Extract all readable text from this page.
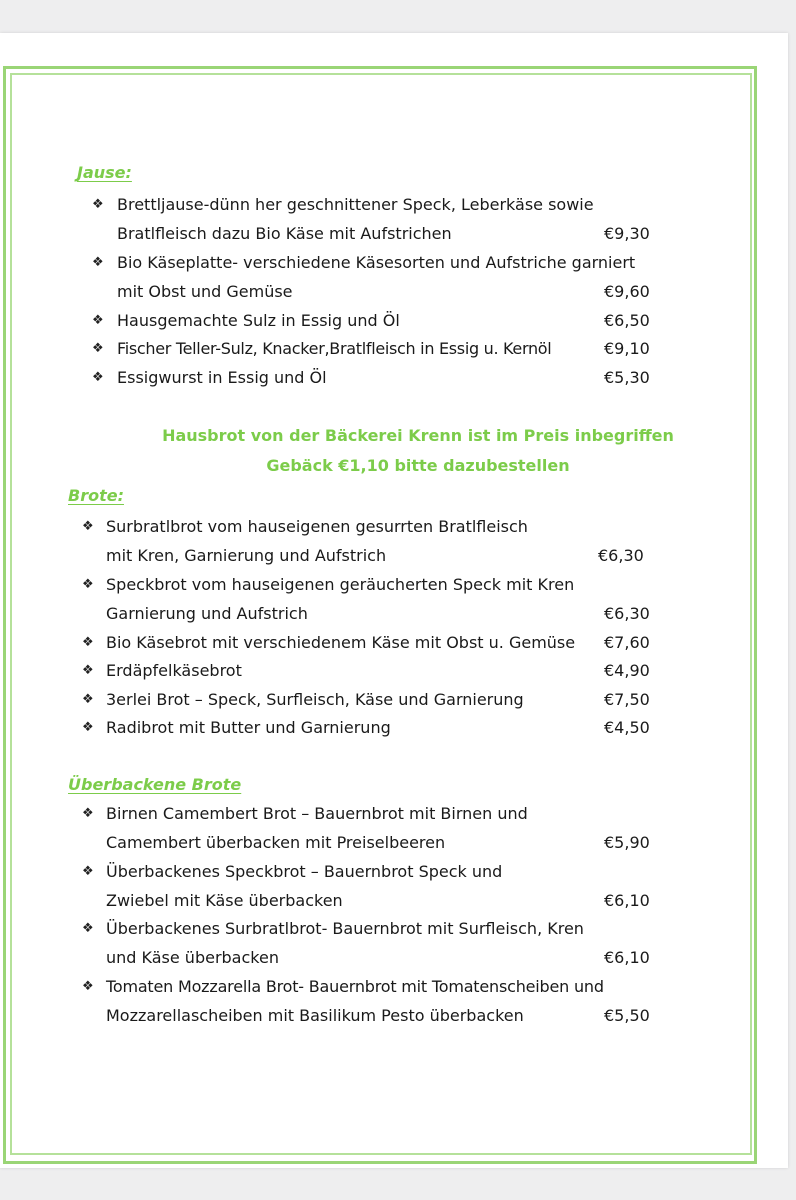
Jause:
❖ Brettljause-dünn her geschnittener Speck, Leberkäse sowie
Bratlfleisch dazu Bio Käse mit Aufstrichen	€9,30
❖ Bio Käseplatte- verschiedene Käsesorten und Aufstriche garniert
mit Obst und Gemüse	€9,60
❖ Hausgemachte Sulz in Essig und Öl	€6,50
❖ Fischer Teller-Sulz, Knacker,Bratlfleisch in Essig u. Kernöl	€9,10
❖ Essigwurst in Essig und Öl	€5,30
Hausbrot von der Bäckerei Krenn ist im Preis inbegriffen
Gebäck €1,10 bitte dazubestellen
Brote:
❖ Surbratlbrot vom hauseigenen gesurrten Bratlfleisch
mit Kren, Garnierung und Aufstrich	€6,30
❖ Speckbrot vom hauseigenen geräucherten Speck mit Kren
Garnierung und Aufstrich	€6,30
❖ Bio Käsebrot mit verschiedenem Käse mit Obst u. Gemüse €7,60
❖ Erdäpfelkäsebrot	€4,90
❖ 3erlei Brot – Speck, Surfleisch, Käse und Garnierung	€7,50
❖ Radibrot mit Butter und Garnierung	€4,50
Überbackene Brote
❖ Birnen Camembert Brot – Bauernbrot mit Birnen und
Camembert überbacken mit Preiselbeeren	€5,90
❖ Überbackenes Speckbrot – Bauernbrot Speck und
Zwiebel mit Käse überbacken	€6,10
❖ Überbackenes Surbratlbrot- Bauernbrot mit Surfleisch, Kren
und Käse überbacken	€6,10
❖ Tomaten Mozzarella Brot- Bauernbrot mit Tomatenscheiben und
Mozzarellascheiben mit Basilikum Pesto überbacken	€5,50
